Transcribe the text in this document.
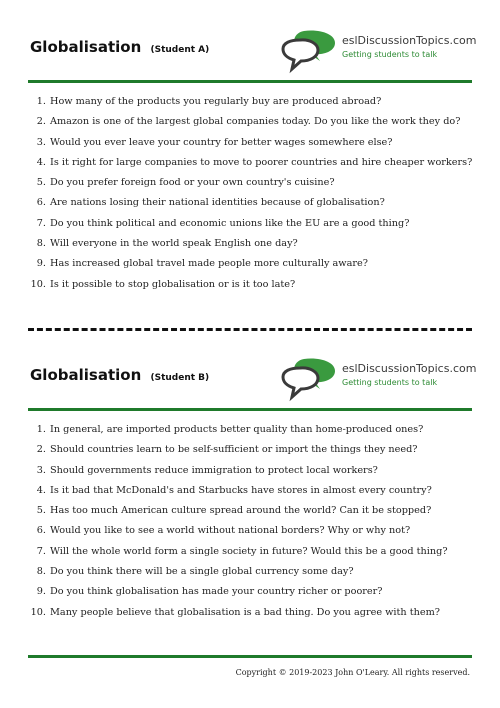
Globalisation (Student A)
eslDiscussionTopics.com
Getting students to talk
1. How many of the products you regularly buy are produced abroad?
2. Amazon is one of the largest global companies today. Do you like the work they do?
3. Would you ever leave your country for better wages somewhere else?
4. Is it right for large companies to move to poorer countries and hire cheaper workers?
5. Do you prefer foreign food or your own country's cuisine?
6. Are nations losing their national identities because of globalisation?
7. Do you think political and economic unions like the EU are a good thing?
8. Will everyone in the world speak English one day?
9. Has increased global travel made people more culturally aware?
10. Is it possible to stop globalisation or is it too late?
Globalisation (Student B)
eslDiscussionTopics.com
Getting students to talk
1. In general, are imported products better quality than home-produced ones?
2. Should countries learn to be self-sufficient or import the things they need?
3. Should governments reduce immigration to protect local workers?
4. Is it bad that McDonald's and Starbucks have stores in almost every country?
5. Has too much American culture spread around the world? Can it be stopped?
6. Would you like to see a world without national borders? Why or why not?
7. Will the whole world form a single society in future? Would this be a good thing?
8. Do you think there will be a single global currency some day?
9. Do you think globalisation has made your country richer or poorer?
10. Many people believe that globalisation is a bad thing. Do you agree with them?
Copyright © 2019-2023 John O'Leary. All rights reserved.
